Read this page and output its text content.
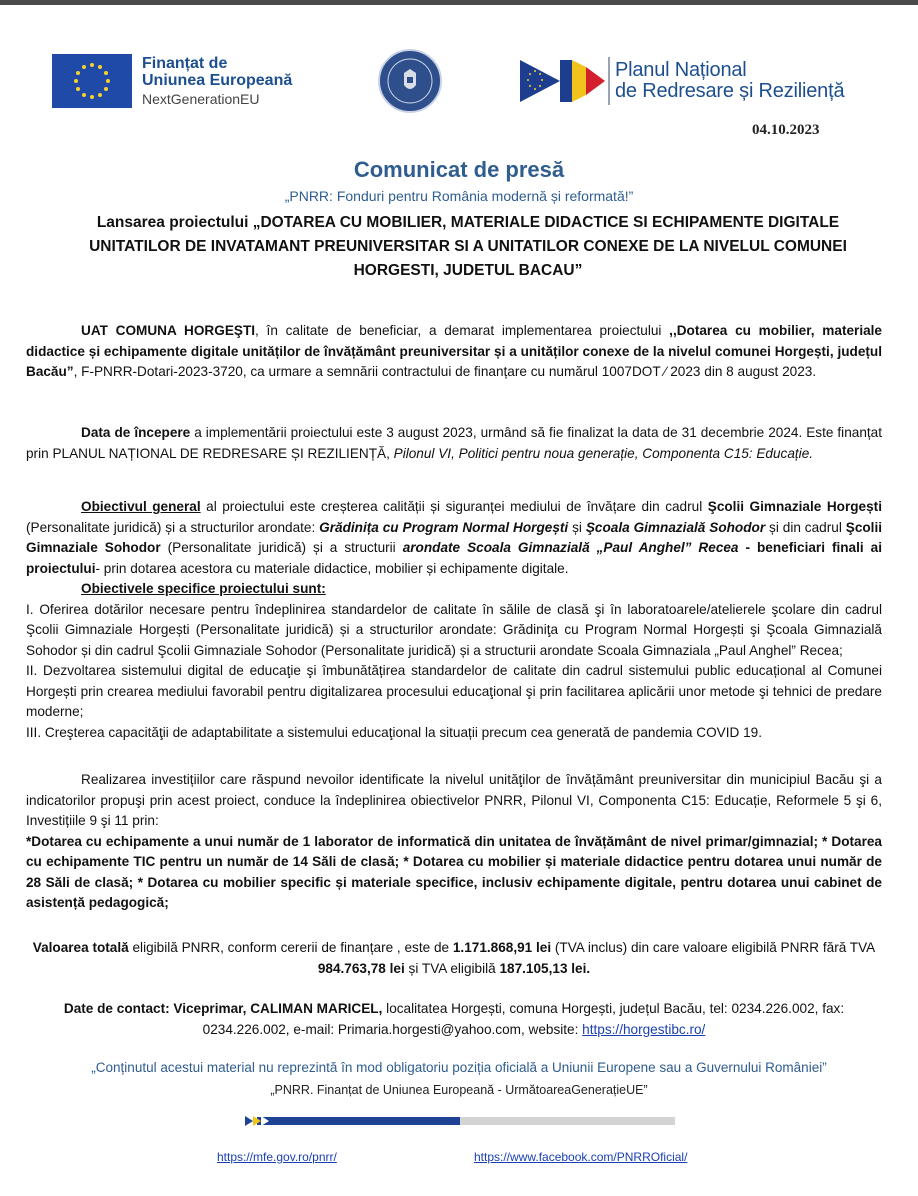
Finanțat de
Uniunea Europeană
NextGenerationEU
Planul Național
de Redresare și Reziliență
04.10.2023
Comunicat de presă
„PNRR: Fonduri pentru România modernă și reformată!”
Lansarea proiectului „DOTAREA CU MOBILIER, MATERIALE DIDACTICE SI ECHIPAMENTE DIGITALE UNITATILOR DE INVATAMANT PREUNIVERSITAR SI A UNITATILOR CONEXE DE LA NIVELUL COMUNEI HORGESTI, JUDETUL BACAU”
UAT COMUNA HORGEŞTI, în calitate de beneficiar, a demarat implementarea proiectului ,,Dotarea cu mobilier, materiale didactice și echipamente digitale unităților de învățământ preuniversitar și a unităților conexe de la nivelul comunei Horgești, județul Bacău”, F-PNRR-Dotari-2023-3720, ca urmare a semnării contractului de finanțare cu numărul 1007DOT ⁄ 2023 din 8 august 2023.
Data de începere a implementării proiectului este 3 august 2023, urmând să fie finalizat la data de 31 decembrie 2024. Este finanțat prin PLANUL NAȚIONAL DE REDRESARE ȘI REZILIENȚĂ, Pilonul VI, Politici pentru noua generație, Componenta C15: Educație.
Obiectivul general al proiectului este creșterea calității și siguranței mediului de învățare din cadrul Şcolii Gimnaziale Horgești (Personalitate juridică) și a structurilor arondate: Grădinița cu Program Normal Horgești și Şcoala Gimnazială Sohodor și din cadrul Şcolii Gimnaziale Sohodor (Personalitate juridică) și a structurii arondate Scoala Gimnazială „Paul Anghel” Recea - beneficiari finali ai proiectului- prin dotarea acestora cu materiale didactice, mobilier și echipamente digitale.
Obiectivele specifice proiectului sunt:
I. Oferirea dotărilor necesare pentru îndeplinirea standardelor de calitate în sălile de clasă şi în laboratoarele/atelierele şcolare din cadrul Şcolii Gimnaziale Horgești (Personalitate juridică) și a structurilor arondate: Grădiniţa cu Program Normal Horgești şi Şcoala Gimnazială Sohodor și din cadrul Şcolii Gimnaziale Sohodor (Personalitate juridică) și a structurii arondate Scoala Gimnaziala „Paul Anghel” Recea;
II. Dezvoltarea sistemului digital de educaţie şi îmbunătățirea standardelor de calitate din cadrul sistemului public educațional al Comunei Horgești prin crearea mediului favorabil pentru digitalizarea procesului educaţional şi prin facilitarea aplicării unor metode şi tehnici de predare moderne;
III. Creşterea capacităţii de adaptabilitate a sistemului educaţional la situații precum cea generată de pandemia COVID 19.
Realizarea investițiilor care răspund nevoilor identificate la nivelul unităţilor de învățământ preuniversitar din municipiul Bacău şi a indicatorilor propuşi prin acest proiect, conduce la îndeplinirea obiectivelor PNRR, Pilonul VI, Componenta C15: Educație, Reformele 5 şi 6, Investițiile 9 şi 11 prin:
*Dotarea cu echipamente a unui număr de 1 laborator de informatică din unitatea de învățământ de nivel primar/gimnazial; * Dotarea cu echipamente TIC pentru un număr de 14 Săli de clasă; * Dotarea cu mobilier și materiale didactice pentru dotarea unui număr de 28 Săli de clasă; * Dotarea cu mobilier specific și materiale specifice, inclusiv echipamente digitale, pentru dotarea unui cabinet de asistență pedagogică;
Valoarea totală eligibilă PNRR, conform cererii de finanțare , este de 1.171.868,91 lei (TVA inclus) din care valoare eligibilă PNRR fără TVA 984.763,78 lei și TVA eligibilă 187.105,13 lei.
Date de contact: Viceprimar, CALIMAN MARICEL, localitatea Horgești, comuna Horgești, județul Bacău, tel: 0234.226.002, fax: 0234.226.002, e-mail: Primaria.horgesti@yahoo.com, website: https://horgestibc.ro/
„Conținutul acestui material nu reprezintă în mod obligatoriu poziția oficială a Uniunii Europene sau a Guvernului României”
„PNRR. Finanțat de Uniunea Europeană - UrmătoareaGenerațieUE”
https://mfe.gov.ro/pnrr/	https://www.facebook.com/PNRROficial/
